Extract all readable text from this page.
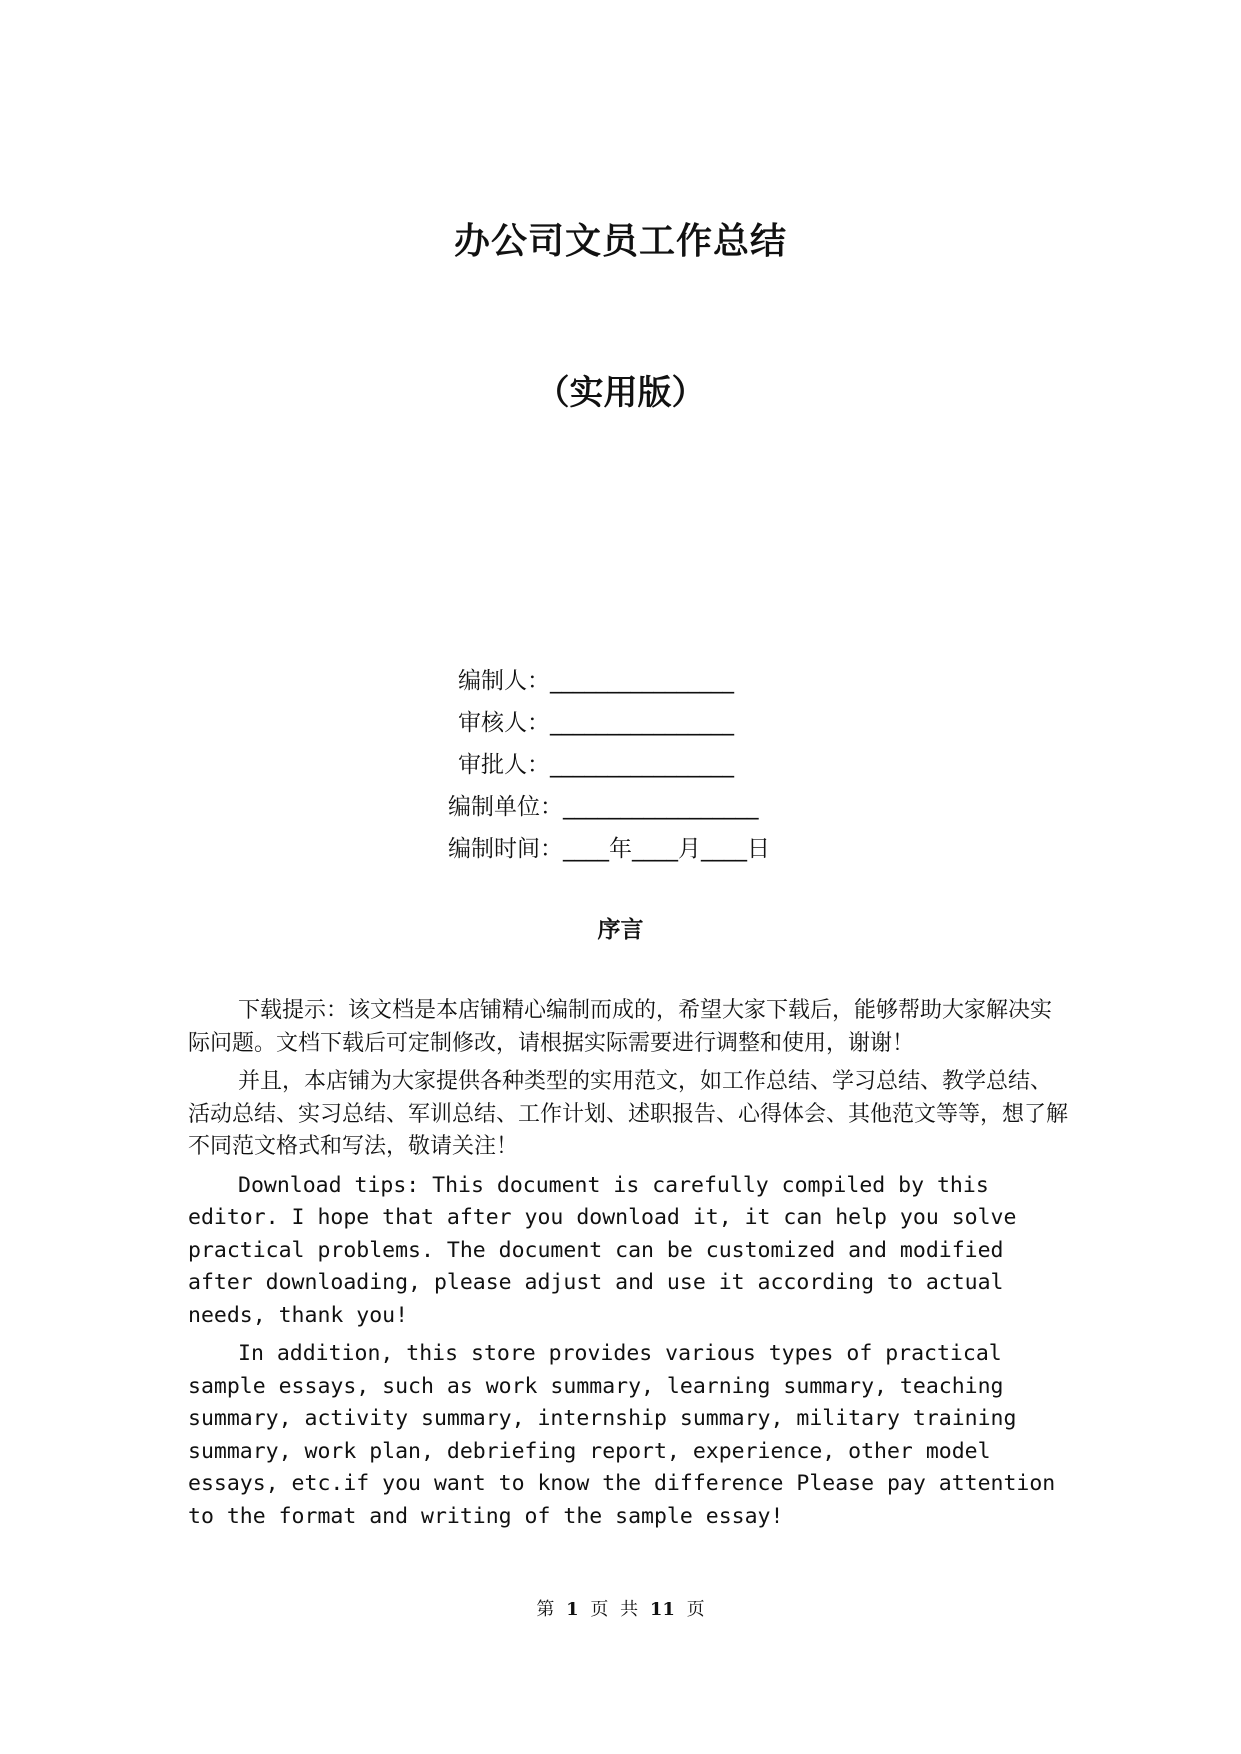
办公司文员工作总结
（实用版）
编制人：________________
审核人：________________
审批人：________________
编制单位：_________________
编制时间：____年____月____日
序言

下载提示：该文档是本店铺精心编制而成的，希望大家下载后，能够帮助大家解决实际问题。文档下载后可定制修改，请根据实际需要进行调整和使用，谢谢！

并且，本店铺为大家提供各种类型的实用范文，如工作总结、学习总结、教学总结、活动总结、实习总结、军训总结、工作计划、述职报告、心得体会、其他范文等等，想了解不同范文格式和写法，敬请关注！

Download tips: This document is carefully compiled by this editor. I hope that after you download it, it can help you solve practical problems. The document can be customized and modified after downloading, please adjust and use it according to actual needs, thank you!

In addition, this store provides various types of practical sample essays, such as work summary, learning summary, teaching summary, activity summary, internship summary, military training summary, work plan, debriefing report, experience, other model essays, etc.if you want to know the difference Please pay attention to the format and writing of the sample essay!

第 1 页 共 11 页
